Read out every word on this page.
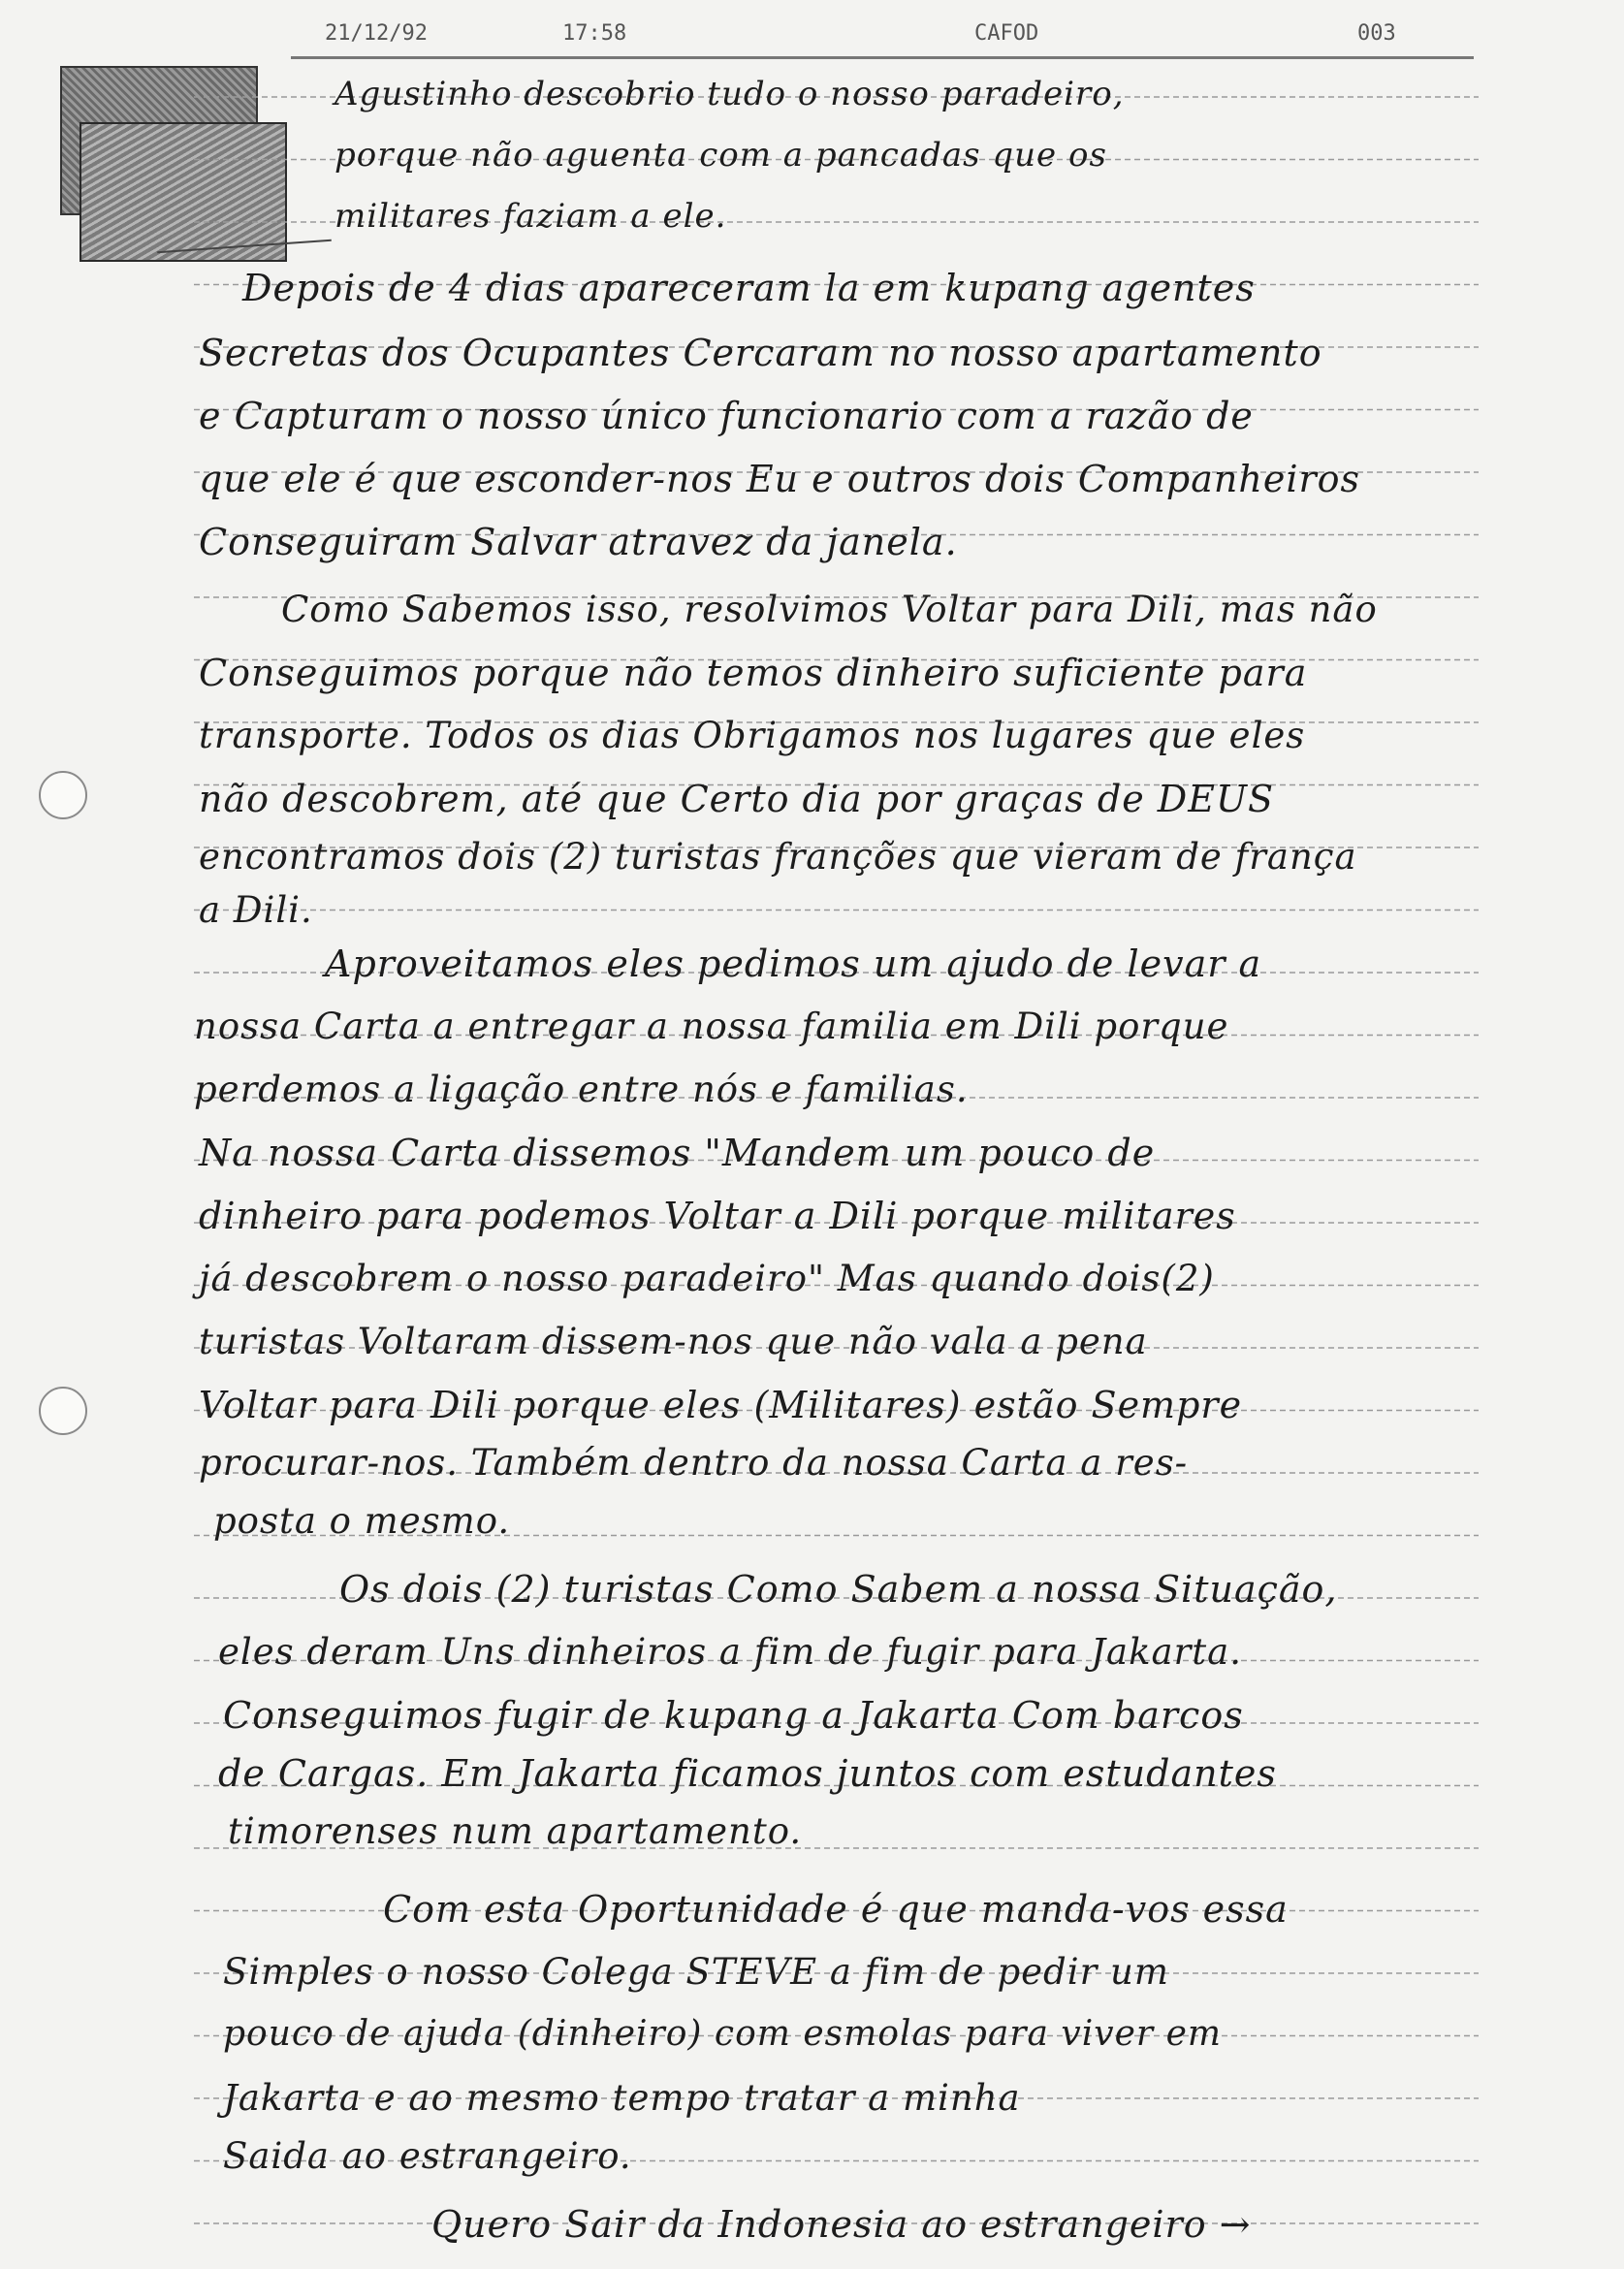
21/12/92	17:58	CAFOD	003
Agustinho descobrio tudo o nosso paradeiro,
porque não aguenta com a pancadas que os
militares faziam a ele.
Depois de 4 dias apareceram la em kupang agentes
Secretas dos Ocupantes Cercaram no nosso apartamento
e Capturam o nosso único funcionario com a razão de
que ele é que esconder-nos Eu e outros dois Companheiros
Conseguiram Salvar atravez da janela.
Como Sabemos isso, resolvimos Voltar para Dili, mas não
Conseguimos porque não temos dinheiro suficiente para
transporte. Todos os dias Obrigamos nos lugares que eles
não descobrem, até que Certo dia por graças de DEUS
encontramos dois (2) turistas franções que vieram de frança
a Dili.
Aproveitamos eles pedimos um ajudo de levar a
nossa Carta a entregar a nossa familia em Dili porque
perdemos a ligação entre nós e familias.
Na nossa Carta dissemos "Mandem um pouco de
dinheiro para podemos Voltar a Dili porque militares
já descobrem o nosso paradeiro" Mas quando dois(2)
turistas Voltaram dissem-nos que não vala a pena
Voltar para Dili porque eles (Militares) estão Sempre
procurar-nos. Também dentro da nossa Carta a res-
posta o mesmo.
Os dois (2) turistas Como Sabem a nossa Situação,
eles deram Uns dinheiros a fim de fugir para Jakarta.
Conseguimos fugir de kupang a Jakarta Com barcos
de Cargas. Em Jakarta ficamos juntos com estudantes
timorenses num apartamento.
Com esta Oportunidade é que manda-vos essa
Simples o nosso Colega STEVE a fim de pedir um
pouco de ajuda (dinheiro) com esmolas para viver em
Jakarta e ao mesmo tempo tratar a minha
Saida ao estrangeiro.
Quero Sair da Indonesia ao estrangeiro →
